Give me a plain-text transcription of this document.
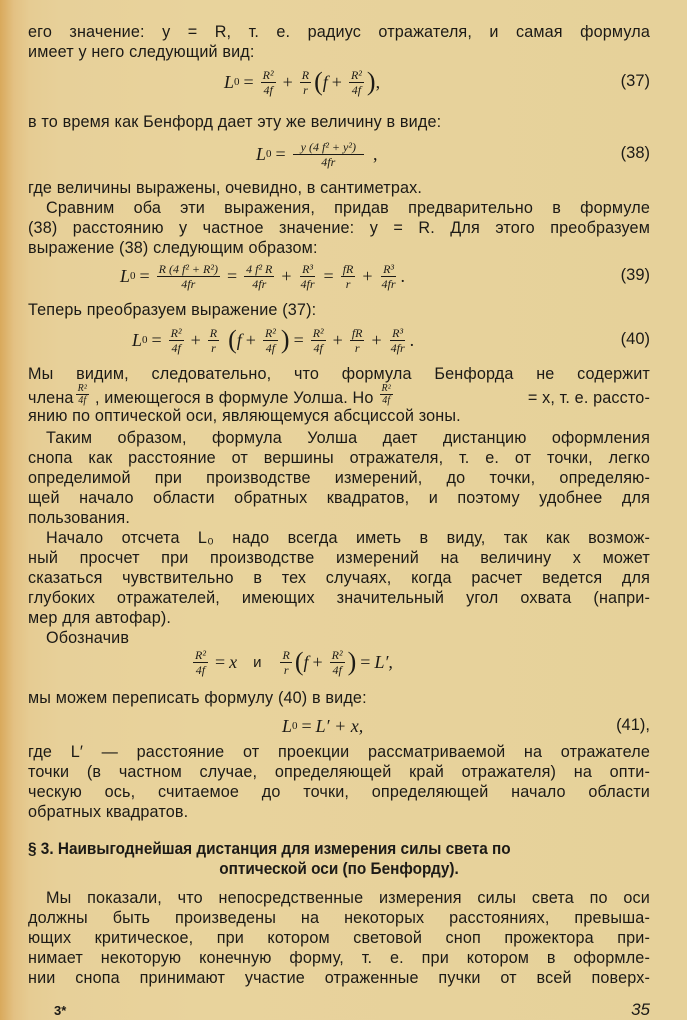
его значение: y = R, т. е. радиус отражателя, и самая формула
имеет у него следующий вид:
L $0 = \frac{\text{R²}}{4f} + \frac{R}{r}$ ( $f + \frac{\text{R²}}{4f}$ ) ,	(37)
в то время как Бенфорд дает эту же величину в виде:
L $0 = \frac{\text{y (4 f² + y²)}}{4fr}$ ,	(38)
где величины выражены, очевидно, в сантиметрах.
Сравним оба эти выражения, придав предварительно в формуле
(38) расстоянию y частное значение: y = R. Для этого преобразуем
выражение (38) следующим образом:
L $0 = \frac{\text{R (4 f² + R²)}}{4fr} = \frac{\text{4 f² R}}{4fr} + \frac{\text{R³}}{4fr} = \frac{fR}{r} + \frac{\text{R³}}{4fr}$ .	(39)
Теперь преобразуем выражение (37):
L $0 = \frac{\text{R²}}{4f} + \frac{R}{r}$ ( $f + \frac{\text{R²}}{4f}$ ) = $\frac{\text{R²}}{4f} + \frac{fR}{r} + \frac{\text{R³}}{4fr}$ .	(40)
Мы видим, следовательно, что формула Бенфорда не содержит
члена $\frac{\text{R²}}{4f}$ , имеющегося в формуле Уолша. Но $\frac{\text{R²}}{4f}$	= x, т. е. рассто-
янию по оптической оси, являющемуся абсциссой зоны.
Таким образом, формула Уолша дает дистанцию оформления
снопа как расстояние от вершины отражателя, т. е. от точки, легко
определимой при производстве измерений, до точки, определяю-
щей начало области обратных квадратов, и поэтому удобнее для
пользования.
Начало отсчета L₀ надо всегда иметь в виду, так как возмож-
ный просчет при производстве измерений на величину x может
сказаться чувствительно в тех случаях, когда расчет ведется для
глубоких отражателей, имеющих значительный угол охвата (напри-
мер для автофар).
Обозначив
$\frac{\text{R²}}{4f} = x$ и $\frac{R}{r}$ ( $f + \frac{\text{R²}}{4f}$ ) = L′,
мы можем переписать формулу (40) в виде:
L 0 = L′ + x,	(41),
где L′ — расстояние от проекции рассматриваемой на отражателе
точки (в частном случае, определяющей край отражателя) на опти-
ческую ось, считаемое до точки, определяющей начало области
обратных квадратов.
§ 3. Наивыгоднейшая дистанция для измерения силы света по
оптической оси (по Бенфорду).
Мы показали, что непосредственные измерения силы света по оси
должны быть произведены на некоторых расстояниях, превыша-
ющих критическое, при котором световой сноп прожектора при-
нимает некоторую конечную форму, т. е. при котором в оформле-
нии снопа принимают участие отраженные пучки от всей поверх-
3*	35
